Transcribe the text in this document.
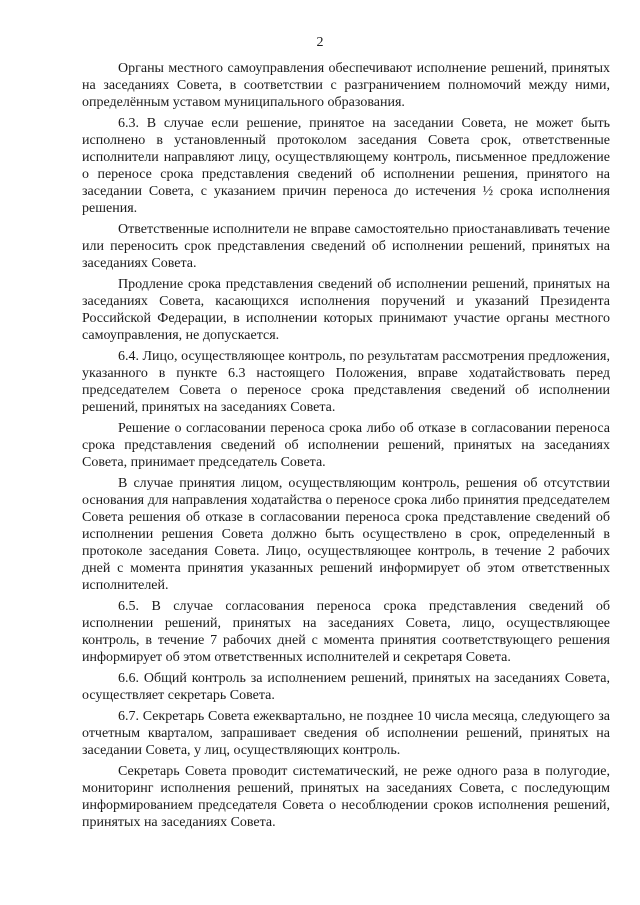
2

Органы местного самоуправления обеспечивают исполнение решений, принятых на заседаниях Совета, в соответствии с разграничением полномочий между ними, определённым уставом муниципального образования.

6.3. В случае если решение, принятое на заседании Совета, не может быть исполнено в установленный протоколом заседания Совета срок, ответственные исполнители направляют лицу, осуществляющему контроль, письменное предложение о переносе срока представления сведений об исполнении решения, принятого на заседании Совета, с указанием причин переноса до истечения ½ срока исполнения решения.

Ответственные исполнители не вправе самостоятельно приостанавливать течение или переносить срок представления сведений об исполнении решений, принятых на заседаниях Совета.

Продление срока представления сведений об исполнении решений, принятых на заседаниях Совета, касающихся исполнения поручений и указаний Президента Российской Федерации, в исполнении которых принимают участие органы местного самоуправления, не допускается.

6.4. Лицо, осуществляющее контроль, по результатам рассмотрения предложения, указанного в пункте 6.3 настоящего Положения, вправе ходатайствовать перед председателем Совета о переносе срока представления сведений об исполнении решений, принятых на заседаниях Совета.

Решение о согласовании переноса срока либо об отказе в согласовании переноса срока представления сведений об исполнении решений, принятых на заседаниях Совета, принимает председатель Совета.

В случае принятия лицом, осуществляющим контроль, решения об отсутствии основания для направления ходатайства о переносе срока либо принятия председателем Совета решения об отказе в согласовании переноса срока представление сведений об исполнении решения Совета должно быть осуществлено в срок, определенный в протоколе заседания Совета. Лицо, осуществляющее контроль, в течение 2 рабочих дней с момента принятия указанных решений информирует об этом ответственных исполнителей.

6.5. В случае согласования переноса срока представления сведений об исполнении решений, принятых на заседаниях Совета, лицо, осуществляющее контроль, в течение 7 рабочих дней с момента принятия соответствующего решения информирует об этом ответственных исполнителей и секретаря Совета.

6.6. Общий контроль за исполнением решений, принятых на заседаниях Совета, осуществляет секретарь Совета.

6.7. Секретарь Совета ежеквартально, не позднее 10 числа месяца, следующего за отчетным кварталом, запрашивает сведения об исполнении решений, принятых на заседании Совета, у лиц, осуществляющих контроль.

Секретарь Совета проводит систематический, не реже одного раза в полугодие, мониторинг исполнения решений, принятых на заседаниях Совета, с последующим информированием председателя Совета о несоблюдении сроков исполнения решений, принятых на заседаниях Совета.
